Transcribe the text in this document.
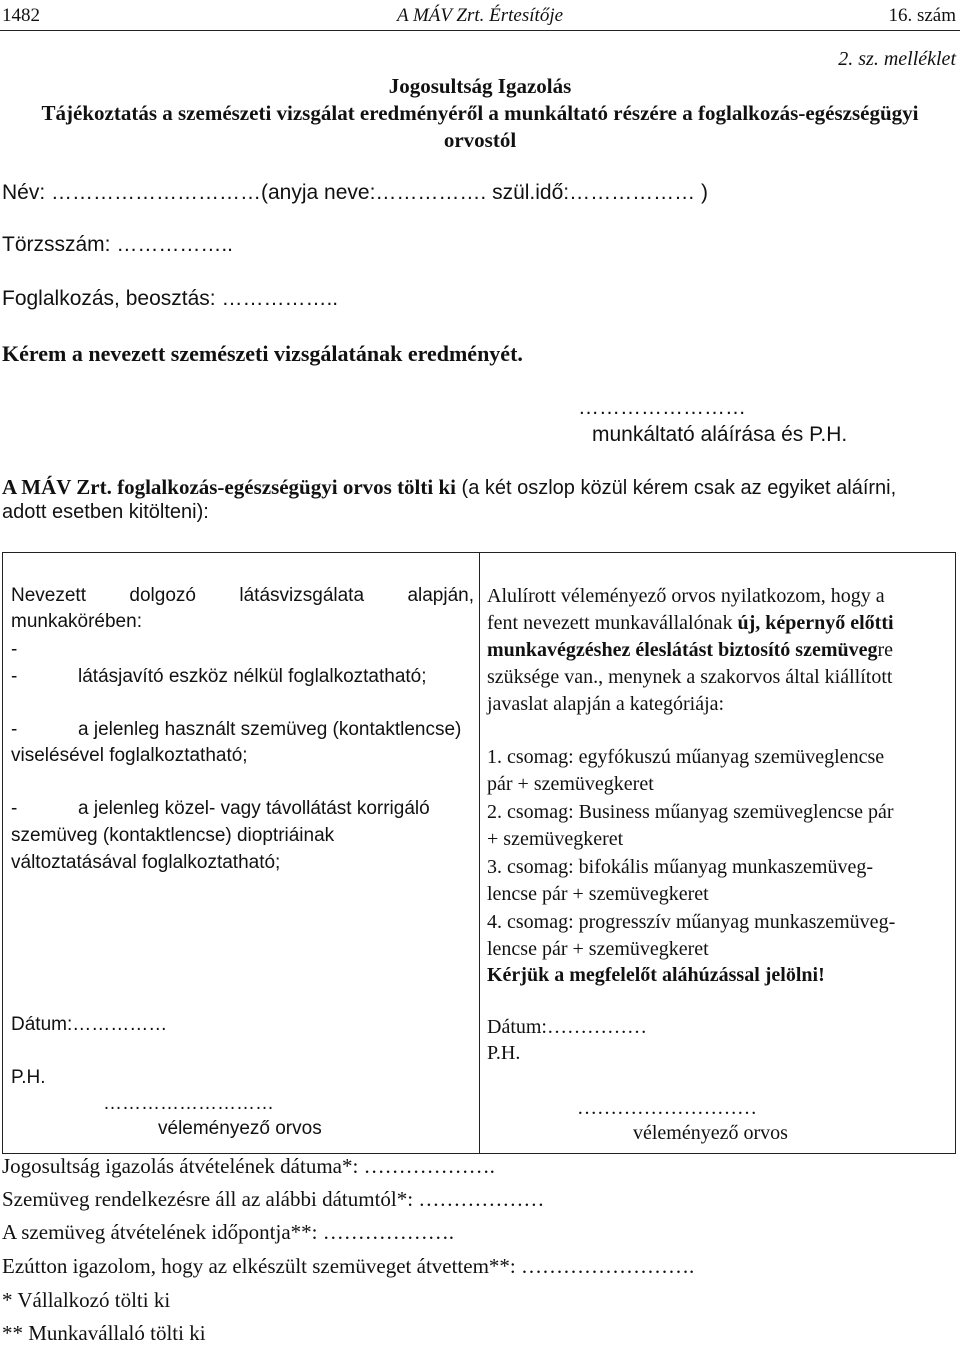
1482	A MÁV Zrt. Értesítője	16. szám
2. sz. melléklet
Jogosultság Igazolás
Tájékoztatás a szemészeti vizsgálat eredményéről a munkáltató részére a foglalkozás-egészségügyi
orvostól
Név: …………………………(anyja neve:……………. szül.idő:……………… )
Törzsszám: ……………..
Foglalkozás, beosztás: ……………..
Kérem a nevezett szemészeti vizsgálatának eredményét.
……………………
munkáltató aláírása és P.H.
A MÁV Zrt. foglalkozás-egészségügyi orvos tölti ki (a két oszlop közül kérem csak az egyiket aláírni,
adott esetben kitölteni):
Nevezett dolgozó látásvizsgálata alapján,
munkakörében:
-
-	látásjavító eszköz nélkül foglalkoztatható;
-	a jelenleg használt szemüveg (kontaktlencse)
viselésével foglalkoztatható;
-	a jelenleg közel- vagy távollátást korrigáló
szemüveg (kontaktlencse) dioptriáinak
változtatásával foglalkoztatható;
Dátum:……………
P.H.
………………………
véleményező orvos
Alulírott véleményező orvos nyilatkozom, hogy a
fent nevezett munkavállalónak új, képernyő előtti
munkavégzéshez éleslátást biztosító szemüvegre
szüksége van., menynek a szakorvos által kiállított
javaslat alapján a kategóriája:
1. csomag: egyfókuszú műanyag szemüveglencse
pár + szemüvegkeret
2. csomag: Business műanyag szemüveglencse pár
+ szemüvegkeret
3. csomag: bifokális műanyag munkaszemüveg-
lencse pár + szemüvegkeret
4. csomag: progresszív műanyag munkaszemüveg-
lencse pár + szemüvegkeret
Kérjük a megfelelőt aláhúzással jelölni!
Dátum:……………
P.H.
………………………
véleményező orvos
Jogosultság igazolás átvételének dátuma*: ……………….
Szemüveg rendelkezésre áll az alábbi dátumtól*: ………………
A szemüveg átvételének időpontja**: ……………….
Ezútton igazolom, hogy az elkészült szemüveget átvettem**: …………………….
* Vállalkozó tölti ki
** Munkavállaló tölti ki
